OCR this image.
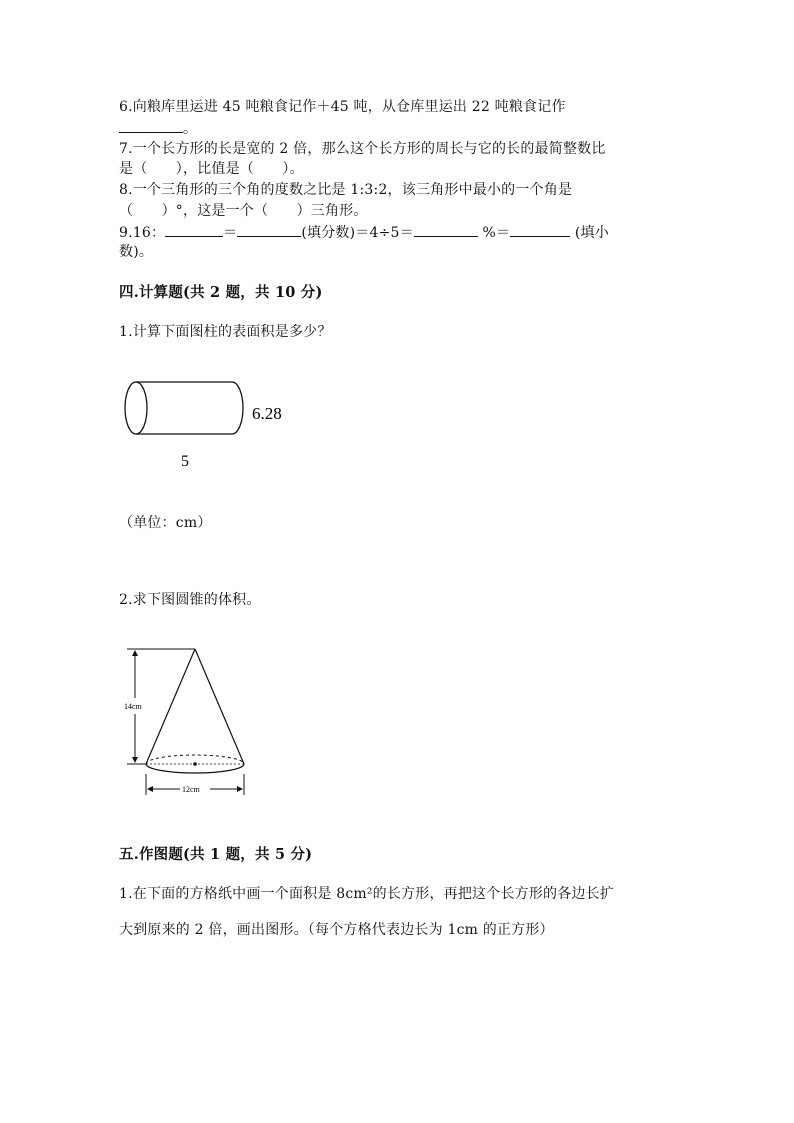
6.向粮库里运进 45 吨粮食记作＋45 吨，从仓库里运出 22 吨粮食记作
。
7.一个长方形的长是宽的 2 倍，那么这个长方形的周长与它的长的最简整数比
是（　　），比值是（　　）。
8.一个三角形的三个角的度数之比是 1:3:2，该三角形中最小的一个角是
（　　）°，这是一个（　　）三角形。
9.16：	＝	(填分数)＝4÷5＝	%＝	(填小
数)。
四.计算题(共 2 题，共 10 分)
1.计算下面图柱的表面积是多少？
6.28
5
（单位：cm）
2.求下图圆锥的体积。
14cm
12cm
五.作图题(共 1 题，共 5 分)
1.在下面的方格纸中画一个面积是 8cm²的长方形，再把这个长方形的各边长扩
大到原来的 2 倍，画出图形。（每个方格代表边长为 1cm 的正方形）
